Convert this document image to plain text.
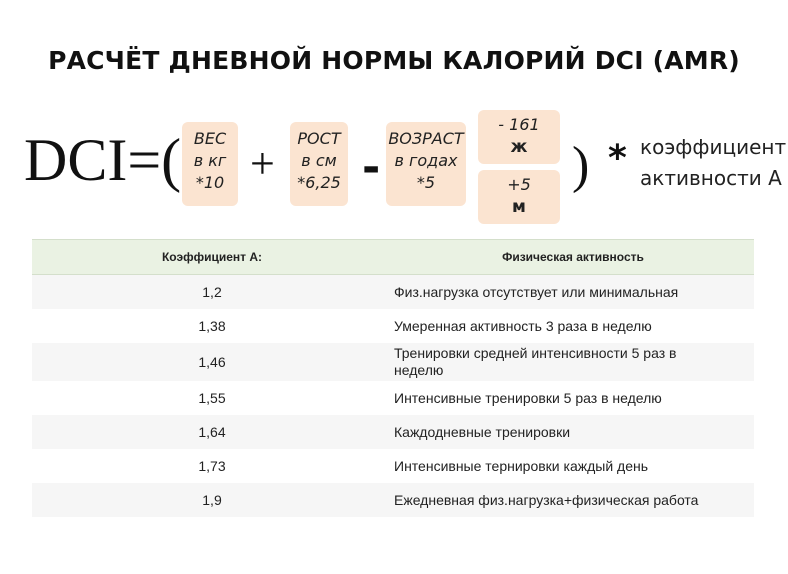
РАСЧЁТ ДНЕВНОЙ НОРМЫ КАЛОРИЙ DCI (AMR)
DCI=( ВЕС
в кг
*10 +
РОСТ
в см
*6,25 -
ВОЗРАСТ
в годах
*5
- 161
ж
+5
м
) * коэффициент
активности А
Коэффициент А:	Физическая активность
1,2	Физ.нагрузка отсутствует или минимальная
1,38	Умеренная активность 3 раза в неделю
1,46	Тренировки средней интенсивности 5 раз в неделю
1,55	Интенсивные тренировки 5 раз в неделю
1,64	Каждодневные тренировки
1,73	Интенсивные тернировки каждый день
1,9	Ежедневная физ.нагрузка+физическая работа
